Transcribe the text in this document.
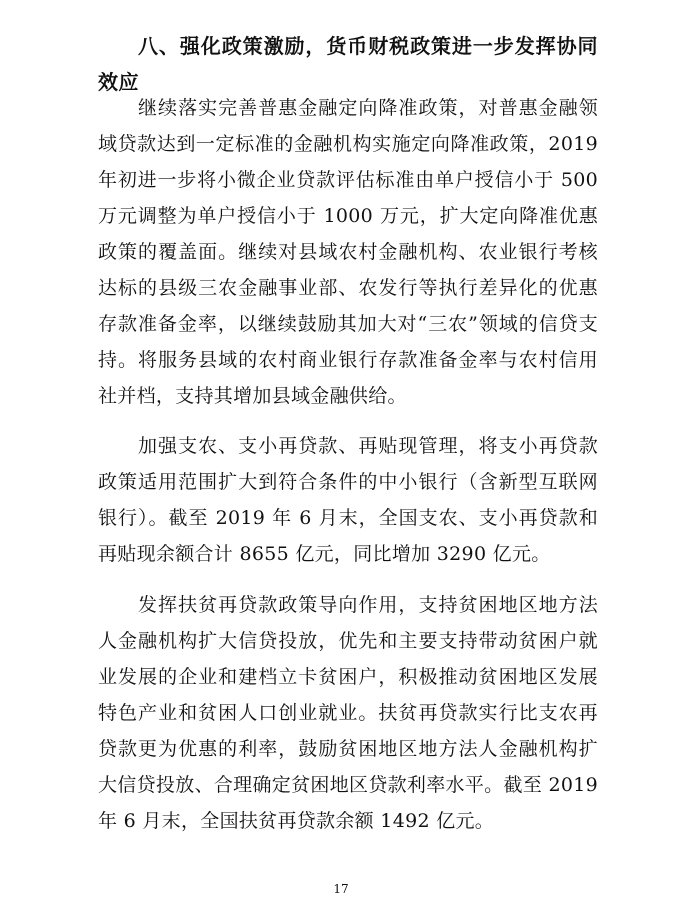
八、强化政策激励，货币财税政策进一步发挥协同效应

继续落实完善普惠金融定向降准政策，对普惠金融领域贷款达到一定标准的金融机构实施定向降准政策，2019 年初进一步将小微企业贷款评估标准由单户授信小于 500 万元调整为单户授信小于 1000 万元，扩大定向降准优惠政策的覆盖面。继续对县域农村金融机构、农业银行考核达标的县级三农金融事业部、农发行等执行差异化的优惠存款准备金率，以继续鼓励其加大对“三农”领域的信贷支持。将服务县域的农村商业银行存款准备金率与农村信用社并档，支持其增加县域金融供给。

加强支农、支小再贷款、再贴现管理，将支小再贷款政策适用范围扩大到符合条件的中小银行（含新型互联网银行）。截至 2019 年 6 月末，全国支农、支小再贷款和再贴现余额合计 8655 亿元，同比增加 3290 亿元。

发挥扶贫再贷款政策导向作用，支持贫困地区地方法人金融机构扩大信贷投放，优先和主要支持带动贫困户就业发展的企业和建档立卡贫困户，积极推动贫困地区发展特色产业和贫困人口创业就业。扶贫再贷款实行比支农再贷款更为优惠的利率，鼓励贫困地区地方法人金融机构扩大信贷投放、合理确定贫困地区贷款利率水平。截至 2019 年 6 月末，全国扶贫再贷款余额 1492 亿元。

17
